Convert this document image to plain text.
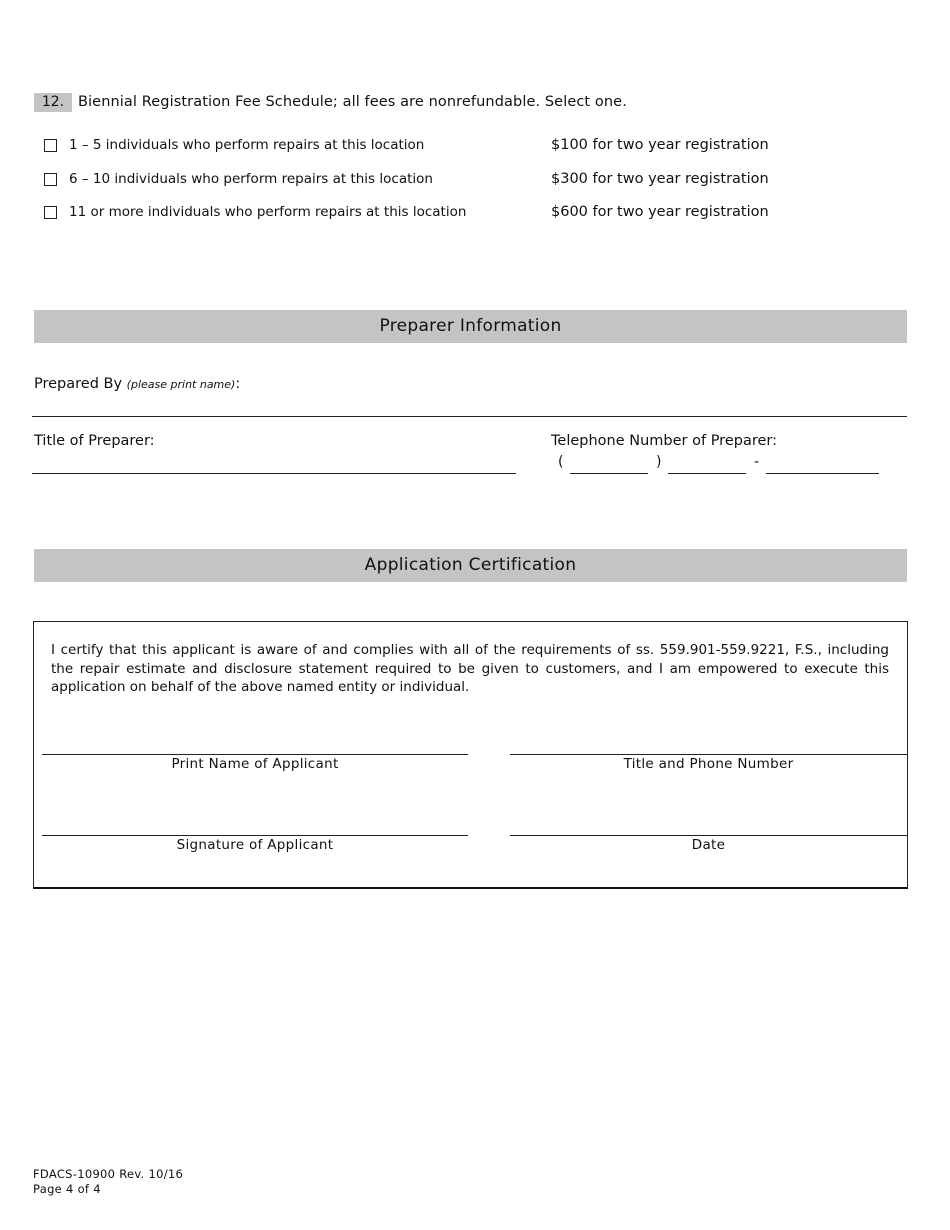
12. Biennial Registration Fee Schedule; all fees are nonrefundable. Select one.
1 – 5 individuals who perform repairs at this location	$100 for two year registration
6 – 10 individuals who perform repairs at this location	$300 for two year registration
11 or more individuals who perform repairs at this location	$600 for two year registration
Preparer Information
Prepared By (please print name):
Title of Preparer:	Telephone Number of Preparer:
(	)	-
Application Certification
I certify that this applicant is aware of and complies with all of the requirements of ss. 559.901-559.9221, F.S., including the repair estimate and disclosure statement required to be given to customers, and I am empowered to execute this application on behalf of the above named entity or individual.
Print Name of Applicant	Title and Phone Number
Signature of Applicant	Date
FDACS-10900 Rev. 10/16
Page 4 of 4
